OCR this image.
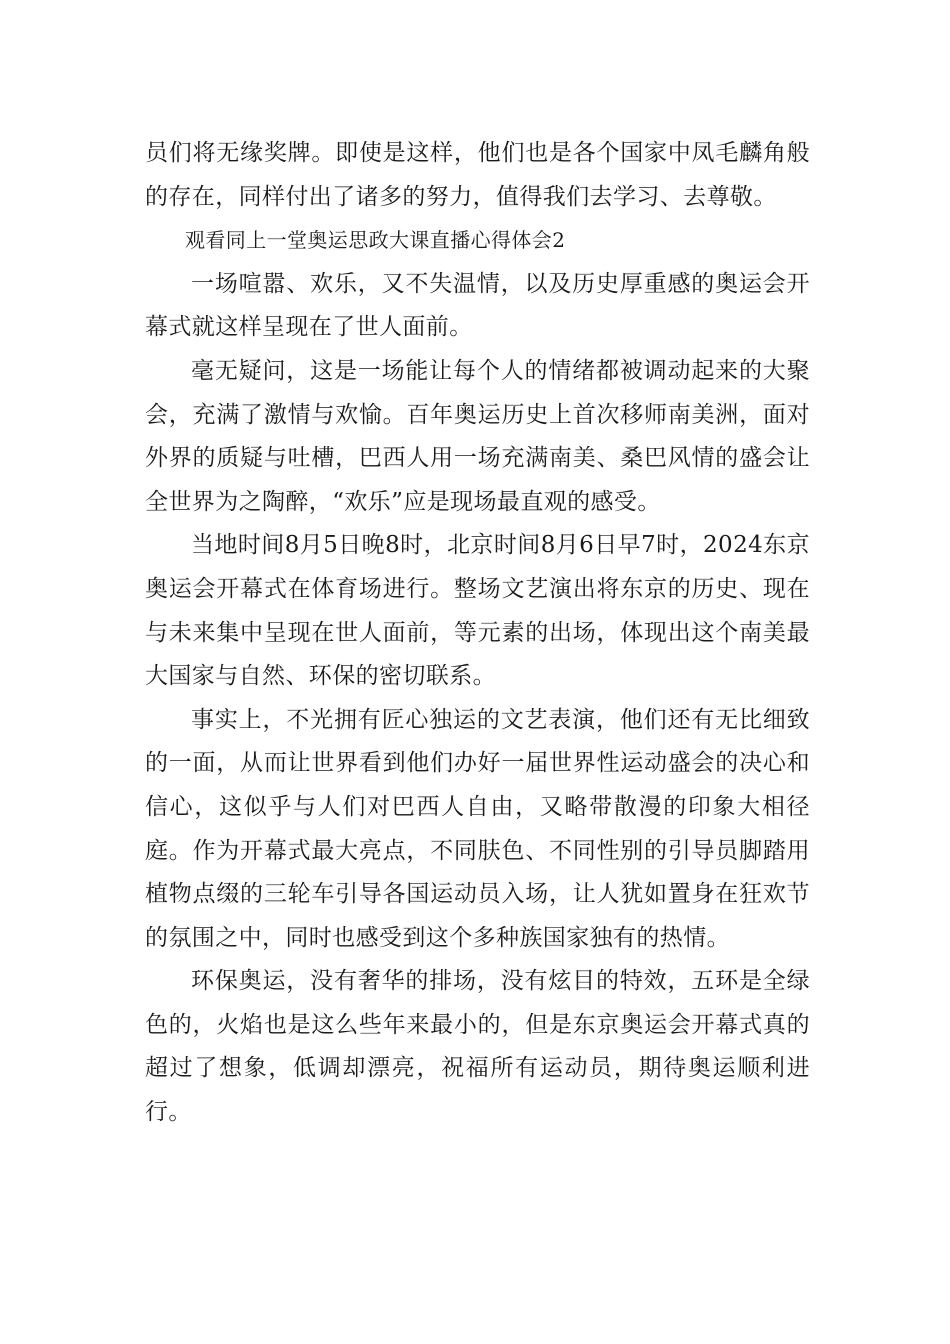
员们将无缘奖牌。即使是这样，他们也是各个国家中凤毛麟角般的存在，同样付出了诸多的努力，值得我们去学习、去尊敬。

观看同上一堂奥运思政大课直播心得体会2

一场喧嚣、欢乐，又不失温情，以及历史厚重感的奥运会开幕式就这样呈现在了世人面前。

毫无疑问，这是一场能让每个人的情绪都被调动起来的大聚会，充满了激情与欢愉。百年奥运历史上首次移师南美洲，面对外界的质疑与吐槽，巴西人用一场充满南美、桑巴风情的盛会让全世界为之陶醉，“欢乐”应是现场最直观的感受。

当地时间8月5日晚8时，北京时间8月6日早7时，2024东京奥运会开幕式在体育场进行。整场文艺演出将东京的历史、现在与未来集中呈现在世人面前，等元素的出场，体现出这个南美最大国家与自然、环保的密切联系。

事实上，不光拥有匠心独运的文艺表演，他们还有无比细致的一面，从而让世界看到他们办好一届世界性运动盛会的决心和信心，这似乎与人们对巴西人自由，又略带散漫的印象大相径庭。作为开幕式最大亮点，不同肤色、不同性别的引导员脚踏用植物点缀的三轮车引导各国运动员入场，让人犹如置身在狂欢节的氛围之中，同时也感受到这个多种族国家独有的热情。

环保奥运，没有奢华的排场，没有炫目的特效，五环是全绿色的，火焰也是这么些年来最小的，但是东京奥运会开幕式真的超过了想象，低调却漂亮，祝福所有运动员，期待奥运顺利进行。
